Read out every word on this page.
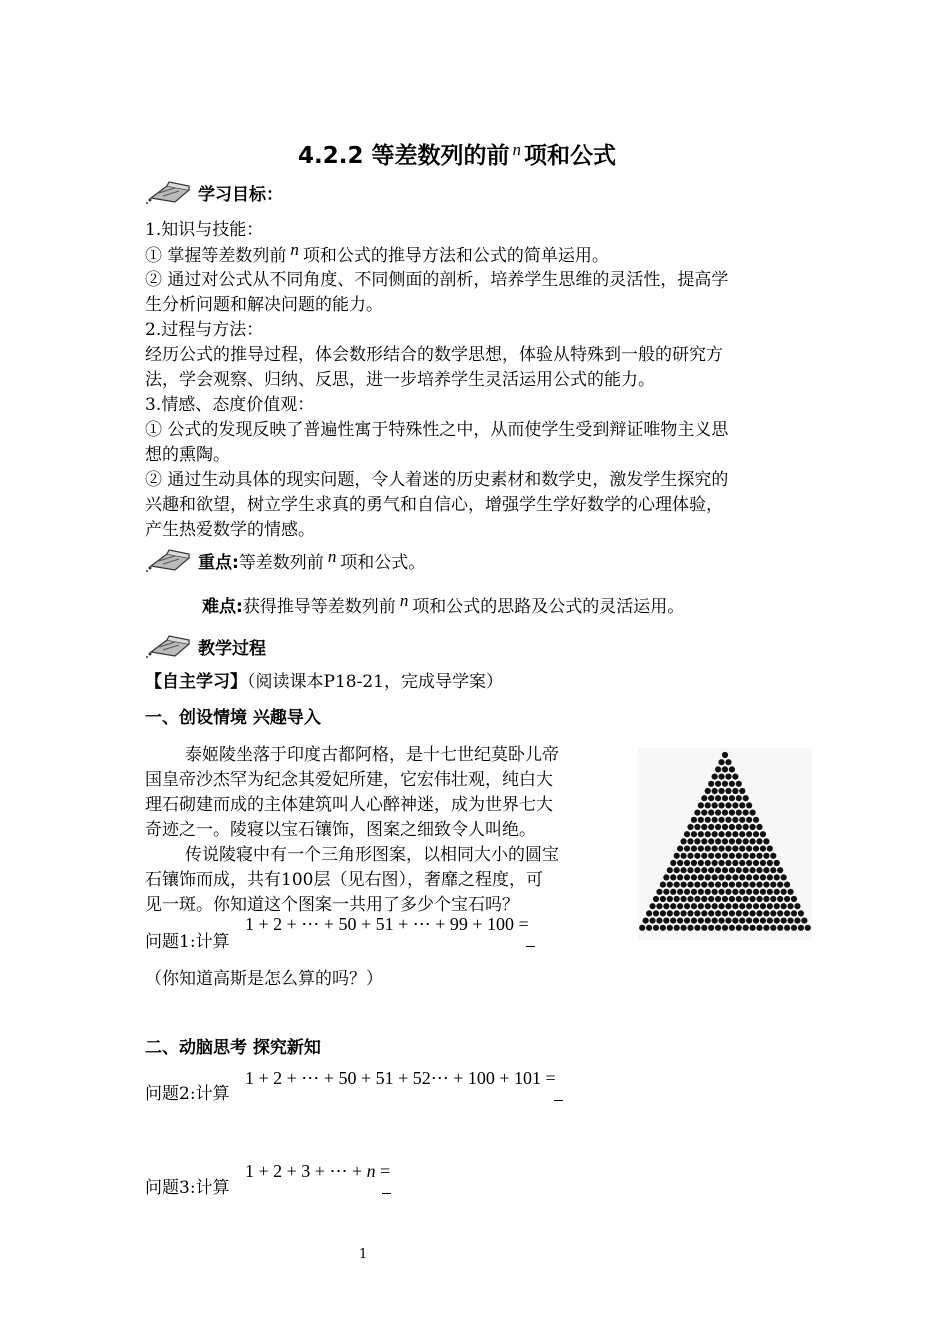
4.2.2 等差数列的前 $^n$ 项和公式
学习目标：
1.知识与技能：
① 掌握等差数列前 n 项和公式的推导方法和公式的简单运用。
② 通过对公式从不同角度、不同侧面的剖析，培养学生思维的灵活性，提高学
生分析问题和解决问题的能力。
2.过程与方法：
经历公式的推导过程，体会数形结合的数学思想，体验从特殊到一般的研究方
法，学会观察、归纳、反思，进一步培养学生灵活运用公式的能力。
3.情感、态度价值观：
① 公式的发现反映了普遍性寓于特殊性之中，从而使学生受到辩证唯物主义思
想的熏陶。
② 通过生动具体的现实问题，令人着迷的历史素材和数学史，激发学生探究的
兴趣和欲望，树立学生求真的勇气和自信心，增强学生学好数学的心理体验，
产生热爱数学的情感。
重点:等差数列前 n 项和公式。
难点:获得推导等差数列前 n 项和公式的思路及公式的灵活运用。
教学过程
【自主学习】（阅读课本P18-21，完成导学案）
一、创设情境 兴趣导入
泰姬陵坐落于印度古都阿格，是十七世纪莫卧儿帝
国皇帝沙杰罕为纪念其爱妃所建，它宏伟壮观，纯白大
理石砌建而成的主体建筑叫人心醉神迷，成为世界七大
奇迹之一。陵寝以宝石镶饰，图案之细致令人叫绝。
传说陵寝中有一个三角形图案，以相同大小的圆宝
石镶饰而成，共有100层（见右图），奢靡之程度，可
见一斑。你知道这个图案一共用了多少个宝石吗？
问题1:计算
1 + 2 + ⋯ + 50 + 51 + ⋯ + 99 + 100 =
（你知道高斯是怎么算的吗？）
二、动脑思考 探究新知
问题2:计算
1 + 2 + ⋯ + 50 + 51 + 52⋯ + 100 + 101 =
问题3:计算
1 + 2 + 3 + ⋯ + n =
1
